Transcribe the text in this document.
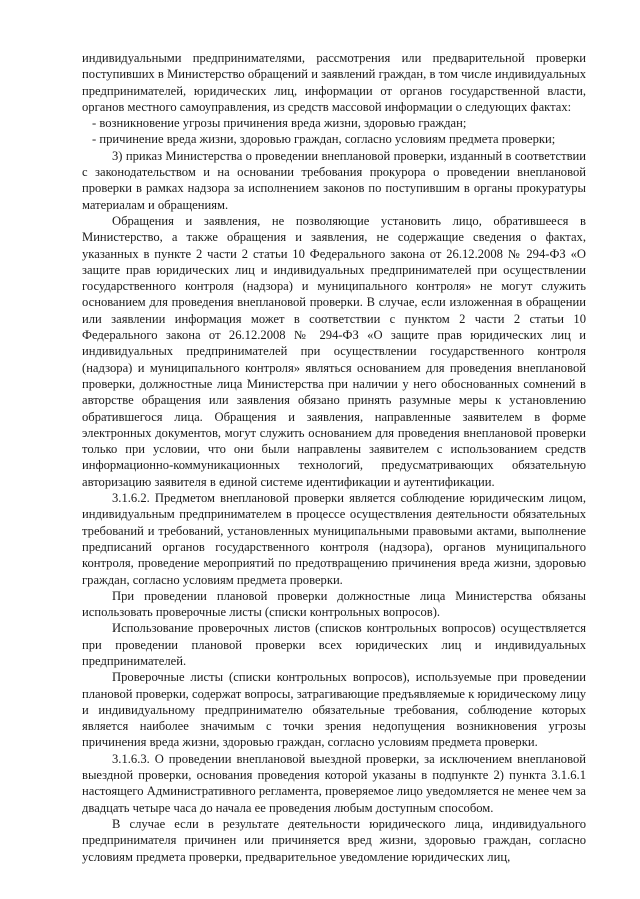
индивидуальными предпринимателями, рассмотрения или предварительной проверки поступивших в Министерство обращений и заявлений граждан, в том числе индивидуальных предпринимателей, юридических лиц, информации от органов государственной власти, органов местного самоуправления, из средств массовой информации о следующих фактах:

- возникновение угрозы причинения вреда жизни, здоровью граждан;

- причинение вреда жизни, здоровью граждан, согласно условиям предмета проверки;

3) приказ Министерства о проведении внеплановой проверки, изданный в соответствии с законодательством и на основании требования прокурора о проведении внеплановой проверки в рамках надзора за исполнением законов по поступившим в органы прокуратуры материалам и обращениям.

Обращения и заявления, не позволяющие установить лицо, обратившееся в Министерство, а также обращения и заявления, не содержащие сведения о фактах, указанных в пункте 2 части 2 статьи 10 Федерального закона от 26.12.2008 № 294-ФЗ «О защите прав юридических лиц и индивидуальных предпринимателей при осуществлении государственного контроля (надзора) и муниципального контроля» не могут служить основанием для проведения внеплановой проверки. В случае, если изложенная в обращении или заявлении информация может в соответствии с пунктом 2 части 2 статьи 10 Федерального закона от 26.12.2008 № 294-ФЗ «О защите прав юридических лиц и индивидуальных предпринимателей при осуществлении государственного контроля (надзора) и муниципального контроля» являться основанием для проведения внеплановой проверки, должностные лица Министерства при наличии у него обоснованных сомнений в авторстве обращения или заявления обязано принять разумные меры к установлению обратившегося лица. Обращения и заявления, направленные заявителем в форме электронных документов, могут служить основанием для проведения внеплановой проверки только при условии, что они были направлены заявителем с использованием средств информационно-коммуникационных технологий, предусматривающих обязательную авторизацию заявителя в единой системе идентификации и аутентификации.

3.1.6.2. Предметом внеплановой проверки является соблюдение юридическим лицом, индивидуальным предпринимателем в процессе осуществления деятельности обязательных требований и требований, установленных муниципальными правовыми актами, выполнение предписаний органов государственного контроля (надзора), органов муниципального контроля, проведение мероприятий по предотвращению причинения вреда жизни, здоровью граждан, согласно условиям предмета проверки.

При проведении плановой проверки должностные лица Министерства обязаны использовать проверочные листы (списки контрольных вопросов).

Использование проверочных листов (списков контрольных вопросов) осуществляется при проведении плановой проверки всех юридических лиц и индивидуальных предпринимателей.

Проверочные листы (списки контрольных вопросов), используемые при проведении плановой проверки, содержат вопросы, затрагивающие предъявляемые к юридическому лицу и индивидуальному предпринимателю обязательные требования, соблюдение которых является наиболее значимым с точки зрения недопущения возникновения угрозы причинения вреда жизни, здоровью граждан, согласно условиям предмета проверки.

3.1.6.3. О проведении внеплановой выездной проверки, за исключением внеплановой выездной проверки, основания проведения которой указаны в подпункте 2) пункта 3.1.6.1 настоящего Административного регламента, проверяемое лицо уведомляется не менее чем за двадцать четыре часа до начала ее проведения любым доступным способом.

В случае если в результате деятельности юридического лица, индивидуального предпринимателя причинен или причиняется вред жизни, здоровью граждан, согласно условиям предмета проверки, предварительное уведомление юридических лиц,
